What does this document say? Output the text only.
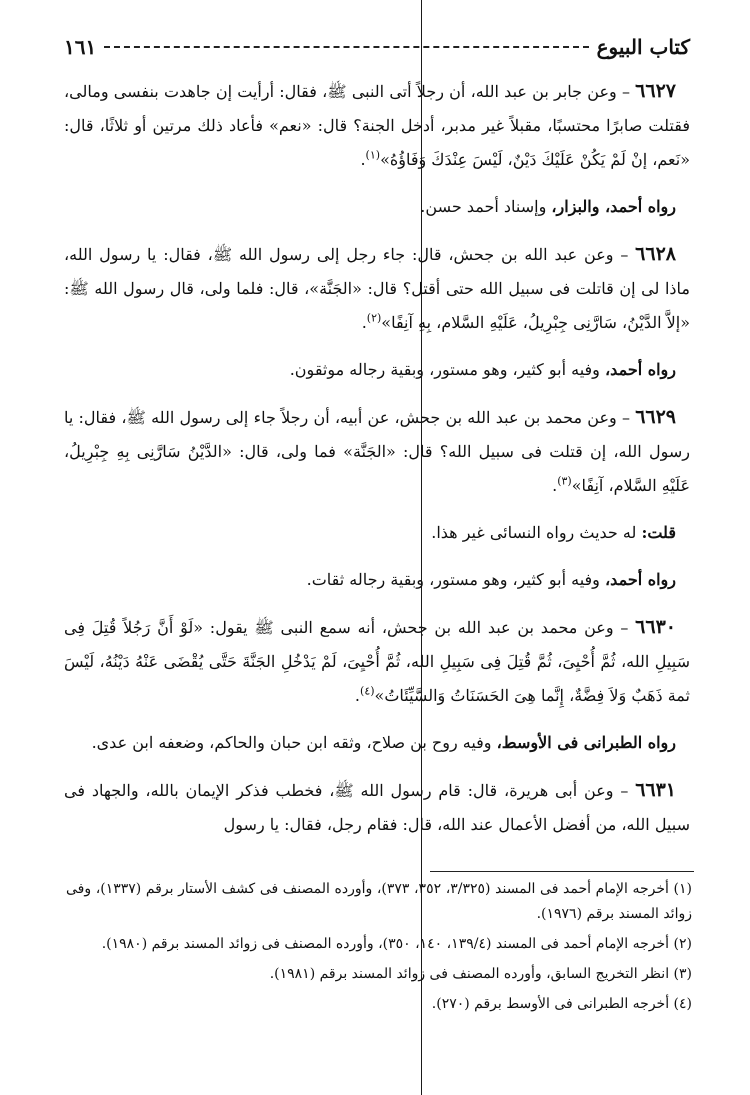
كتاب البيوع
١٦١

٦٦٢٧ – وعن جابر بن عبد الله، أن رجلاً أتى النبى ﷺ، فقال: أرأيت إن جاهدت بنفسى ومالى، فقتلت صابرًا محتسبًا، مقبلاً غير مدبر، أدخل الجنة؟ قال: «نعم» فأعاد ذلك مرتين أو ثلاثًا، قال: «نَعم، إنْ لَمْ يَكُنْ عَلَيْكَ دَيْنٌ، لَيْسَ عِنْدَكَ وَفَاؤُهُ»$^{(١)}$.

رواه أحمد، والبزار، وإسناد أحمد حسن.

٦٦٢٨ – وعن عبد الله بن جحش، قال: جاء رجل إلى رسول الله ﷺ، فقال: يا رسول الله، ماذا لى إن قاتلت فى سبيل الله حتى أقتل؟ قال: «الجَنَّة»، قال: فلما ولى، قال رسول الله ﷺ: «إلاَّ الدَّيْنُ، سَارَّنِى جِبْرِيلُ، عَلَيْهِ السَّلام، بِهِ آنِفًا»$^{(٢)}$.

رواه أحمد، وفيه أبو كثير، وهو مستور، وبقية رجاله موثقون.

٦٦٢٩ – وعن محمد بن عبد الله بن جحش، عن أبيه، أن رجلاً جاء إلى رسول الله ﷺ، فقال: يا رسول الله، إن قتلت فى سبيل الله؟ قال: «الجَنَّة» فما ولى، قال: «الدَّيْنُ سَارَّنِى بِهِ جِبْرِيلُ، عَلَيْهِ السَّلام، آنِفًا»$^{(٣)}$.

قلت: له حديث رواه النسائى غير هذا.

رواه أحمد، وفيه أبو كثير، وهو مستور، وبقية رجاله ثقات.

٦٦٣٠ – وعن محمد بن عبد الله بن جحش، أنه سمع النبى ﷺ يقول: «لَوْ أَنَّ رَجُلاً قُتِلَ فِى سَبِيلِ الله، ثُمَّ أُحْيِىَ، ثُمَّ قُتِلَ فِى سَبِيلِ الله، ثُمَّ أُحْيِىَ، لَمْ يَدْخُلِ الجَنَّةَ حَتَّى يُقْضَى عَنْهُ دَيْنُهُ، لَيْسَ ثمة ذَهَبٌ وَلاَ فِضَّةٌ، إِنَّما هِىَ الحَسَنَاتُ وَالسَّيِّئَاتُ»$^{(٤)}$.

رواه الطبرانى فى الأوسط، وفيه روح بن صلاح، وثقه ابن حبان والحاكم، وضعفه ابن عدى.

٦٦٣١ – وعن أبى هريرة، قال: قام رسول الله ﷺ، فخطب فذكر الإيمان بالله، والجهاد فى سبيل الله، من أفضل الأعمال عند الله، قال: فقام رجل، فقال: يا رسول

(١) أخرجه الإمام أحمد فى المسند (٣/٣٢٥، ٣٥٢، ٣٧٣)، وأورده المصنف فى كشف الأستار برقم (١٣٣٧)، وفى زوائد المسند برقم (١٩٧٦).

(٢) أخرجه الإمام أحمد فى المسند (١٣٩/٤، ١٤٠، ٣٥٠)، وأورده المصنف فى زوائد المسند برقم (١٩٨٠).

(٣) انظر التخريج السابق، وأورده المصنف فى زوائد المسند برقم (١٩٨١).

(٤) أخرجه الطبرانى فى الأوسط برقم (٢٧٠).
